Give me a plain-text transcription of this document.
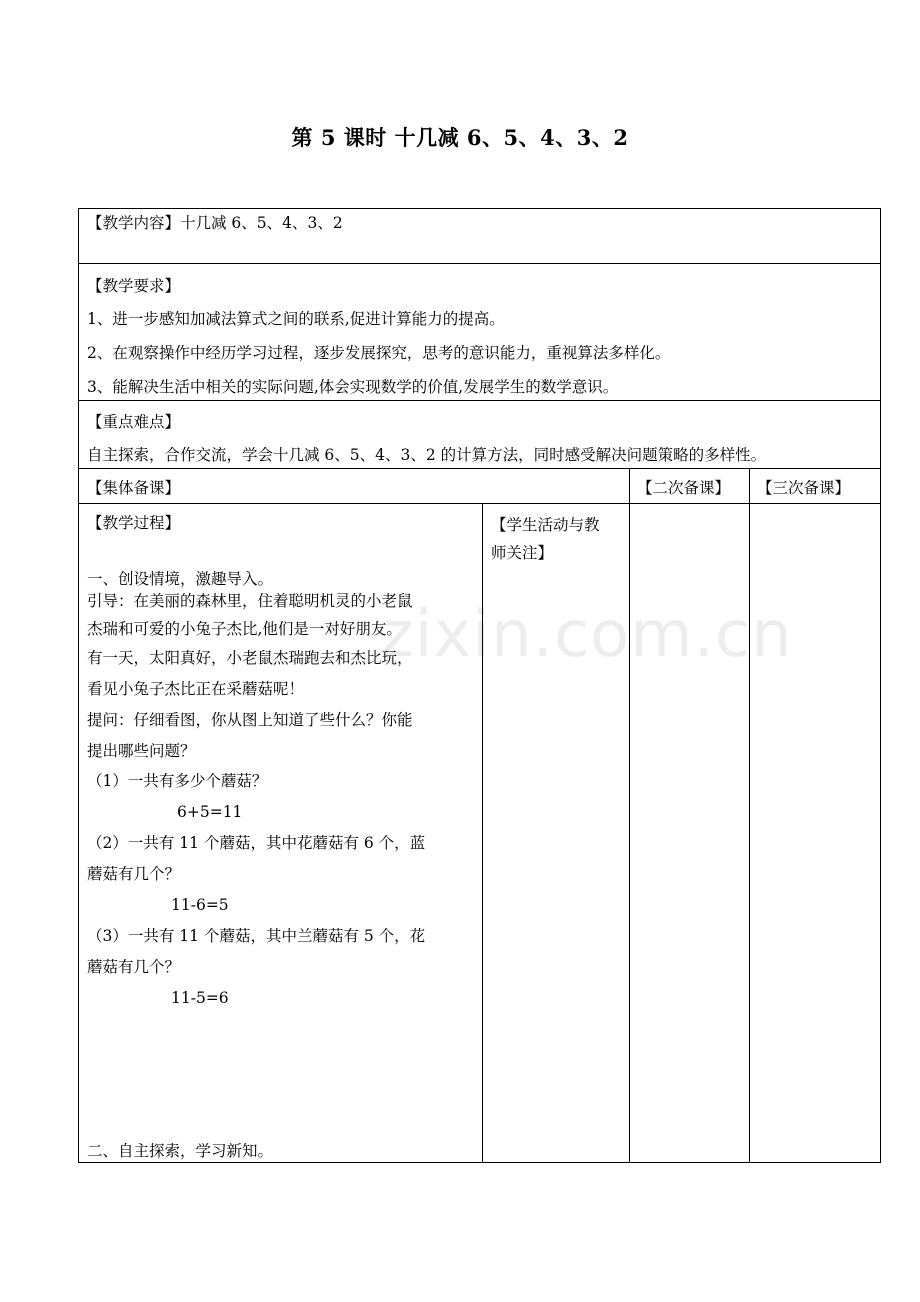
第 5 课时 十几减 6、5、4、3、2
【教学内容】十几减 6、5、4、3、2
【教学要求】
1、进一步感知加减法算式之间的联系,促进计算能力的提高。
2、在观察操作中经历学习过程，逐步发展探究，思考的意识能力，重视算法多样化。
3、能解决生活中相关的实际问题,体会实现数学的价值,发展学生的数学意识。
【重点难点】
自主探索，合作交流，学会十几减 6、5、4、3、2 的计算方法，同时感受解决问题策略的多样性。
【集体备课】	【二次备课】 【三次备课】
【教学过程】
一、创设情境，激趣导入。
引导：在美丽的森林里，住着聪明机灵的小老鼠
杰瑞和可爱的小兔子杰比,他们是一对好朋友。
有一天，太阳真好，小老鼠杰瑞跑去和杰比玩，
看见小兔子杰比正在采蘑菇呢！
提问：仔细看图，你从图上知道了些什么？你能
提出哪些问题？
（1）一共有多少个蘑菇？
6+5=11
（2）一共有 11 个蘑菇，其中花蘑菇有 6 个，蓝
蘑菇有几个？
11-6=5
（3）一共有 11 个蘑菇，其中兰蘑菇有 5 个，花
蘑菇有几个？
11-5=6
二、自主探索，学习新知。
【学生活动与教
师关注】
zixin.com.cn
